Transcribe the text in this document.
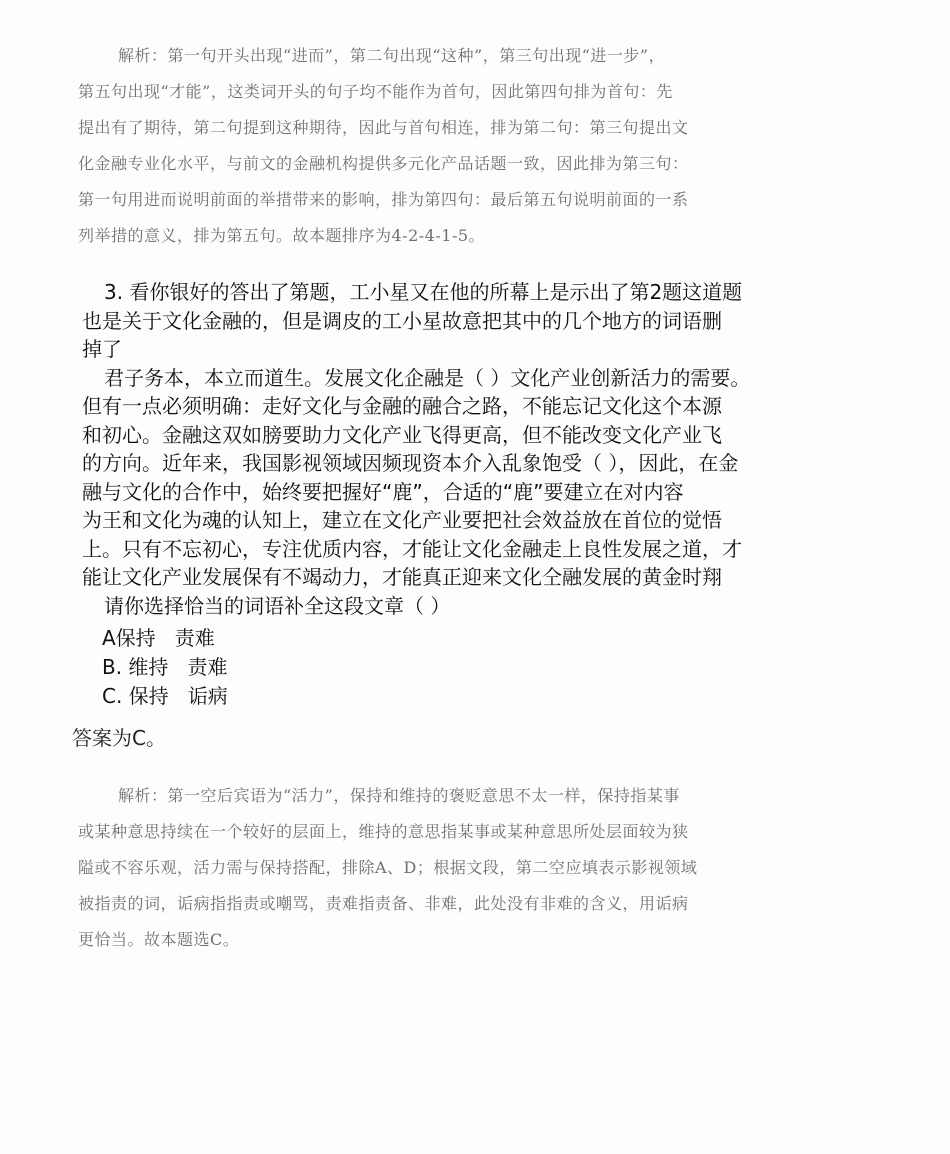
解析：第一句开头出现“进而”，第二句出现“这种”，第三句出现“进一步”，
第五句出现“才能”，这类词开头的句子均不能作为首句，因此第四句排为首句：先
提出有了期待，第二句提到这种期待，因此与首句相连，排为第二句：第三句提出文
化金融专业化水平，与前文的金融机构提供多元化产品话题一致，因此排为第三句：
第一句用进而说明前面的举措带来的影响，排为第四句：最后第五句说明前面的一系
列举措的意义，排为第五句。故本题排序为4-2-4-1-5。
3. 看你银好的答出了第题，工小星又在他的所幕上是示出了第2题这道题
也是关于文化金融的，但是调皮的工小星故意把其中的几个地方的词语删
掉了
君子务本，本立而道生。发展文化企融是（ ）文化产业创新活力的需要。
但有一点必须明确：走好文化与金融的融合之路，不能忘记文化这个本源
和初心。金融这双如膀要助力文化产业飞得更高，但不能改变文化产业飞
的方向。近年来，我国影视领域因频现资本介入乱象饱受（ ），因此，在金
融与文化的合作中，始终要把握好“鹿”，合适的“鹿”要建立在对内容
为王和文化为魂的认知上，建立在文化产业要把社会效益放在首位的觉悟
上。只有不忘初心，专注优质内容，才能让文化金融走上良性发展之道，才
能让文化产业发展保有不竭动力，才能真正迎来文化仝融发展的黄金时翔
请你选择恰当的词语补全这段文章（ ）
A保持   责难
B. 维持   责难
C. 保持   诟病
答案为C。
解析：第一空后宾语为“活力”，保持和维持的褒贬意思不太一样，保持指某事
或某种意思持续在一个较好的层面上，维持的意思指某事或某种意思所处层面较为狭
隘或不容乐观，活力需与保持搭配，排除A、D；根据文段，第二空应填表示影视领域
被指责的词，诟病指指责或嘲骂，责难指责备、非难，此处没有非难的含义，用诟病
更恰当。故本题选C。
